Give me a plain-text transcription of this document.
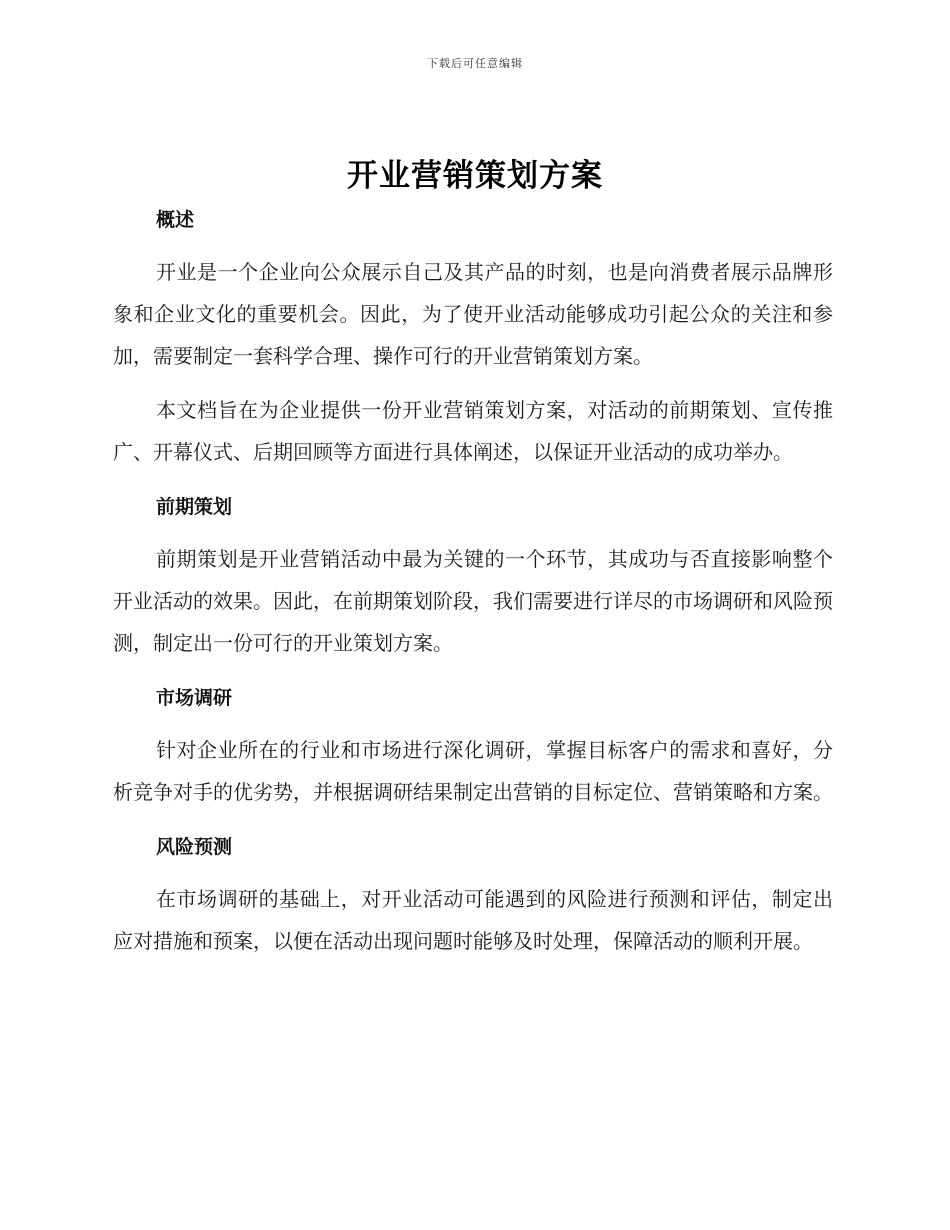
下载后可任意编辑
开业营销策划方案
概述

开业是一个企业向公众展示自己及其产品的时刻，也是向消费者展示品牌形象和企业文化的重要机会。因此，为了使开业活动能够成功引起公众的关注和参加，需要制定一套科学合理、操作可行的开业营销策划方案。

本文档旨在为企业提供一份开业营销策划方案，对活动的前期策划、宣传推广、开幕仪式、后期回顾等方面进行具体阐述，以保证开业活动的成功举办。

前期策划

前期策划是开业营销活动中最为关键的一个环节，其成功与否直接影响整个开业活动的效果。因此，在前期策划阶段，我们需要进行详尽的市场调研和风险预测，制定出一份可行的开业策划方案。

市场调研

针对企业所在的行业和市场进行深化调研，掌握目标客户的需求和喜好，分析竞争对手的优劣势，并根据调研结果制定出营销的目标定位、营销策略和方案。

风险预测

在市场调研的基础上，对开业活动可能遇到的风险进行预测和评估，制定出应对措施和预案，以便在活动出现问题时能够及时处理，保障活动的顺利开展。
